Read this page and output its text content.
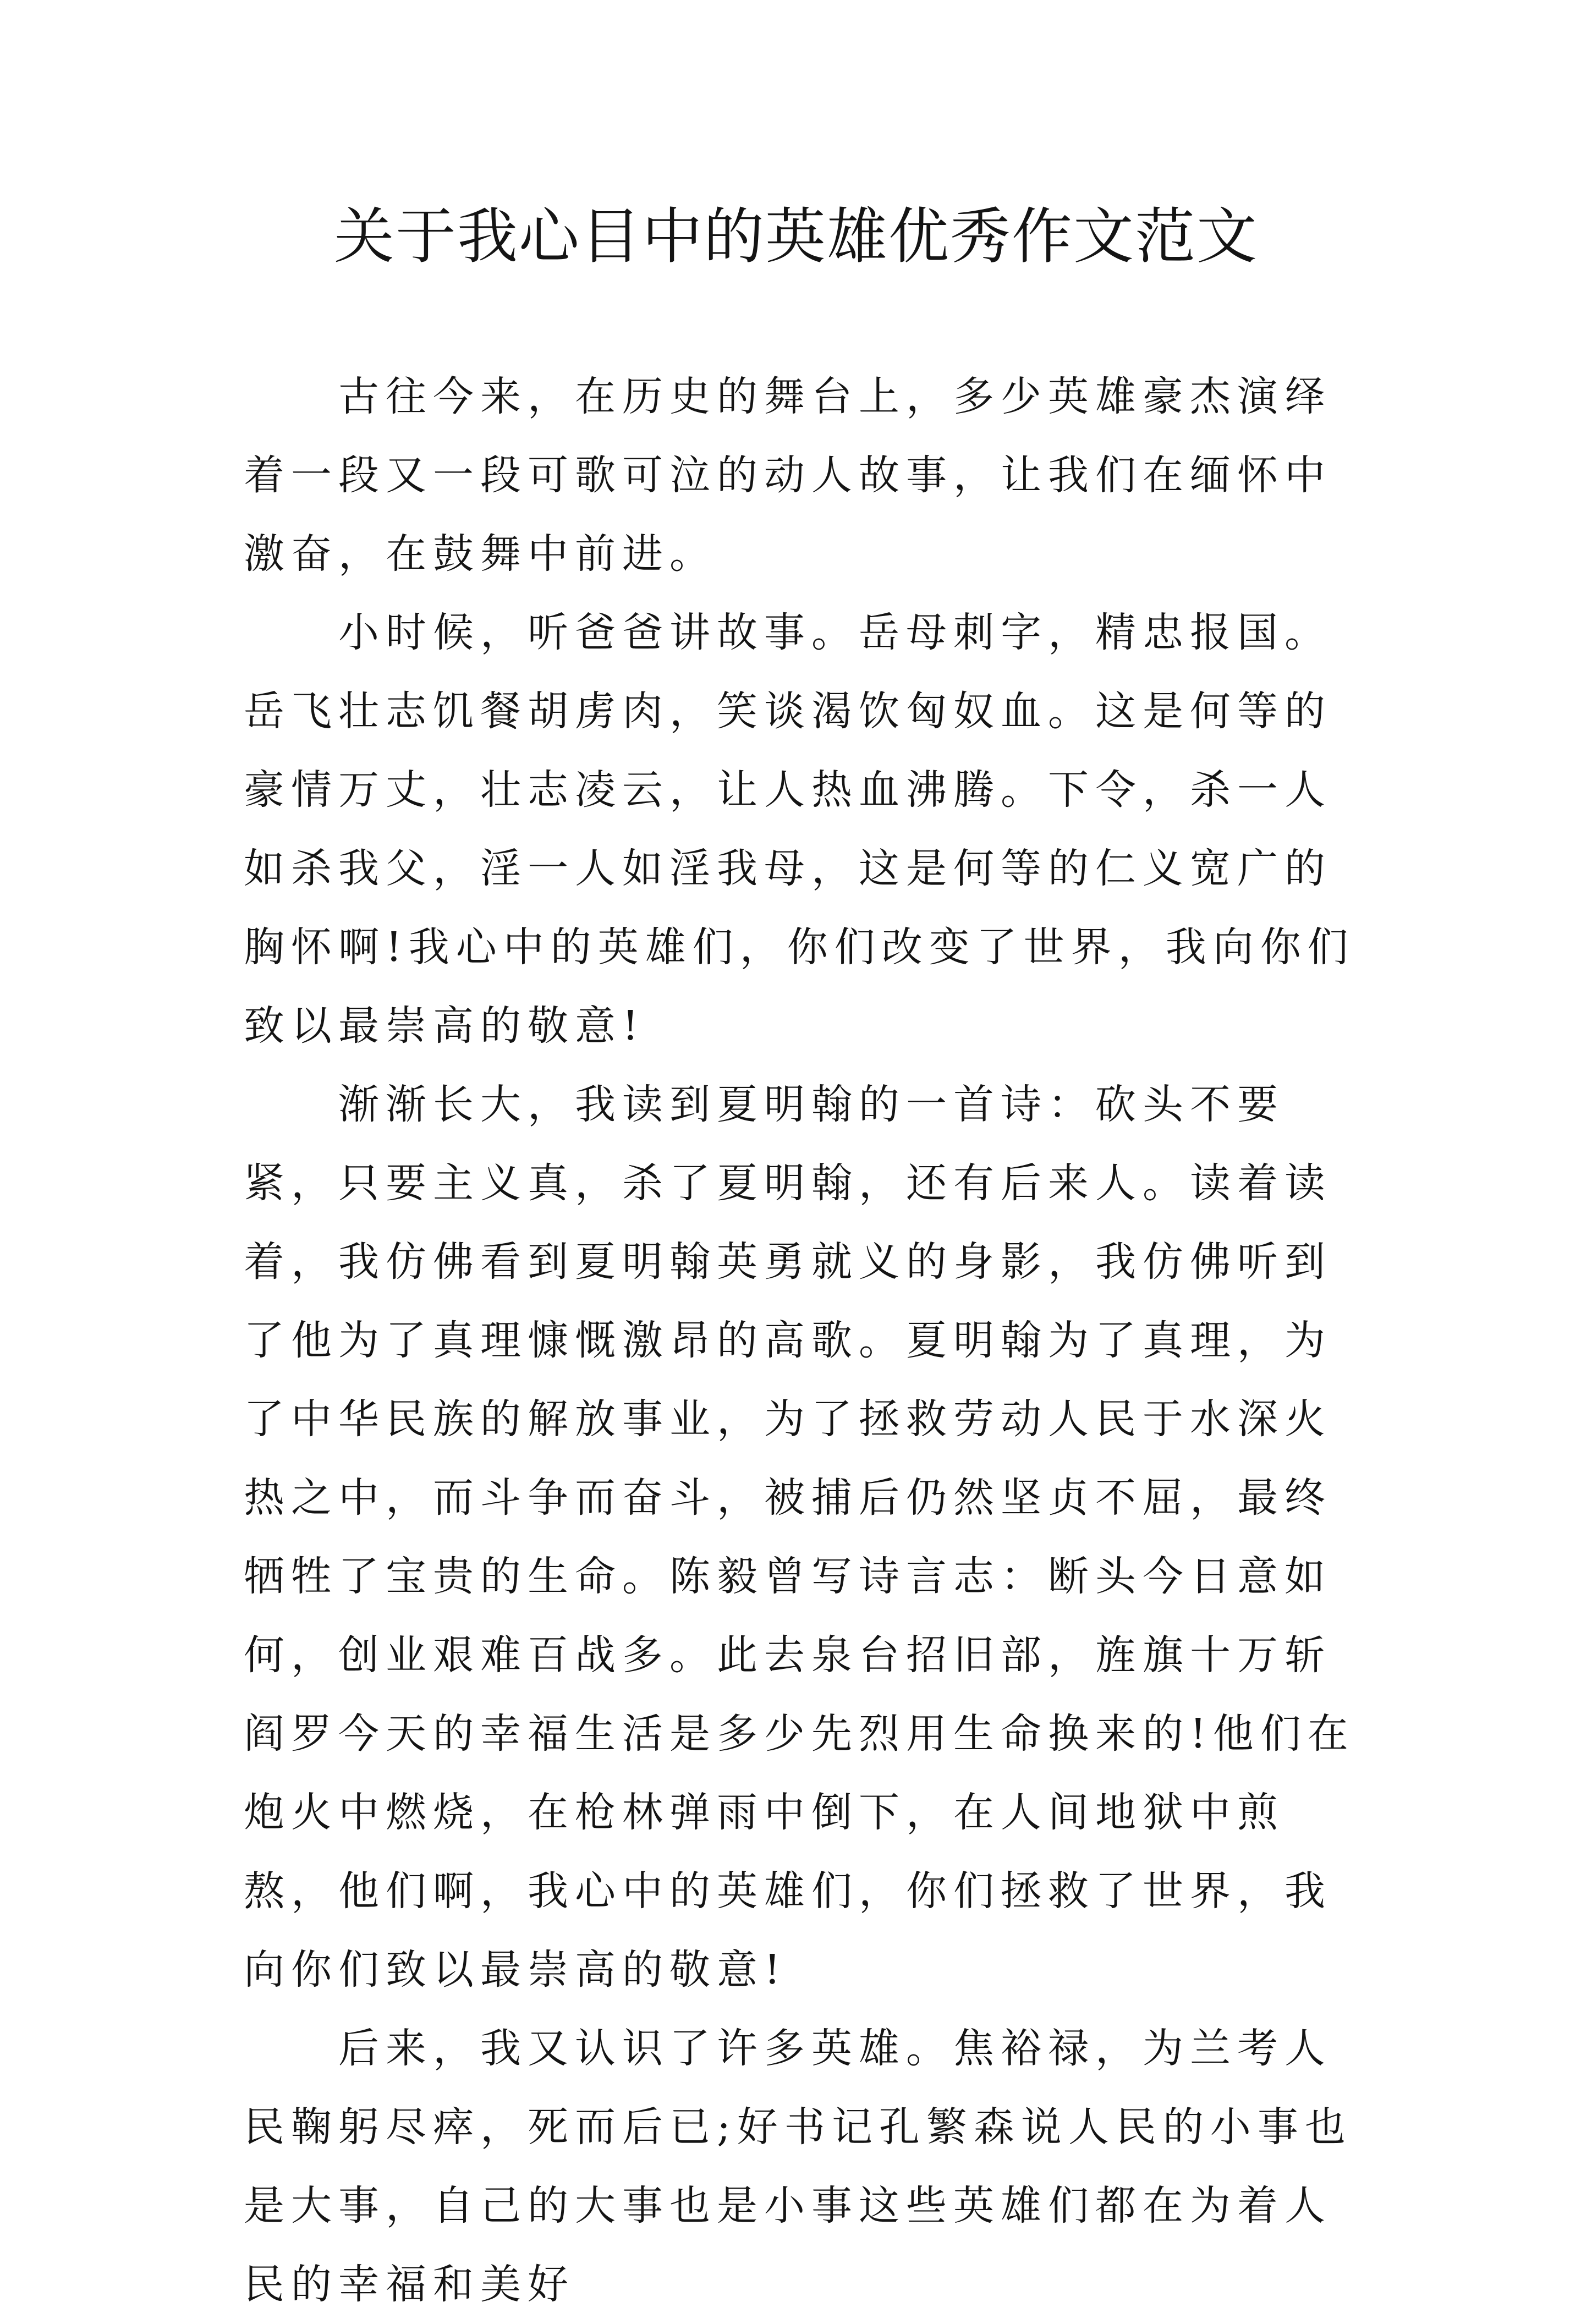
关于我心目中的英雄优秀作文范文

古往今来，在历史的舞台上，多少英雄豪杰演绎着一段又一段可歌可泣的动人故事，让我们在缅怀中激奋，在鼓舞中前进。

小时候，听爸爸讲故事。岳母刺字，精忠报国。岳飞壮志饥餐胡虏肉，笑谈渴饮匈奴血。这是何等的豪情万丈，壮志凌云，让人热血沸腾。下令，杀一人如杀我父，淫一人如淫我母，这是何等的仁义宽广的胸怀啊!我心中的英雄们，你们改变了世界，我向你们致以最崇高的敬意!

渐渐长大，我读到夏明翰的一首诗：砍头不要紧，只要主义真，杀了夏明翰，还有后来人。读着读着，我仿佛看到夏明翰英勇就义的身影，我仿佛听到了他为了真理慷慨激昂的高歌。夏明翰为了真理，为了中华民族的解放事业，为了拯救劳动人民于水深火热之中，而斗争而奋斗，被捕后仍然坚贞不屈，最终牺牲了宝贵的生命。陈毅曾写诗言志：断头今日意如何，创业艰难百战多。此去泉台招旧部，旌旗十万斩阎罗今天的幸福生活是多少先烈用生命换来的!他们在炮火中燃烧，在枪林弹雨中倒下，在人间地狱中煎熬，他们啊，我心中的英雄们，你们拯救了世界，我向你们致以最崇高的敬意!

后来，我又认识了许多英雄。焦裕禄，为兰考人民鞠躬尽瘁，死而后已;好书记孔繁森说人民的小事也是大事，自己的大事也是小事这些英雄们都在为着人民的幸福和美好
